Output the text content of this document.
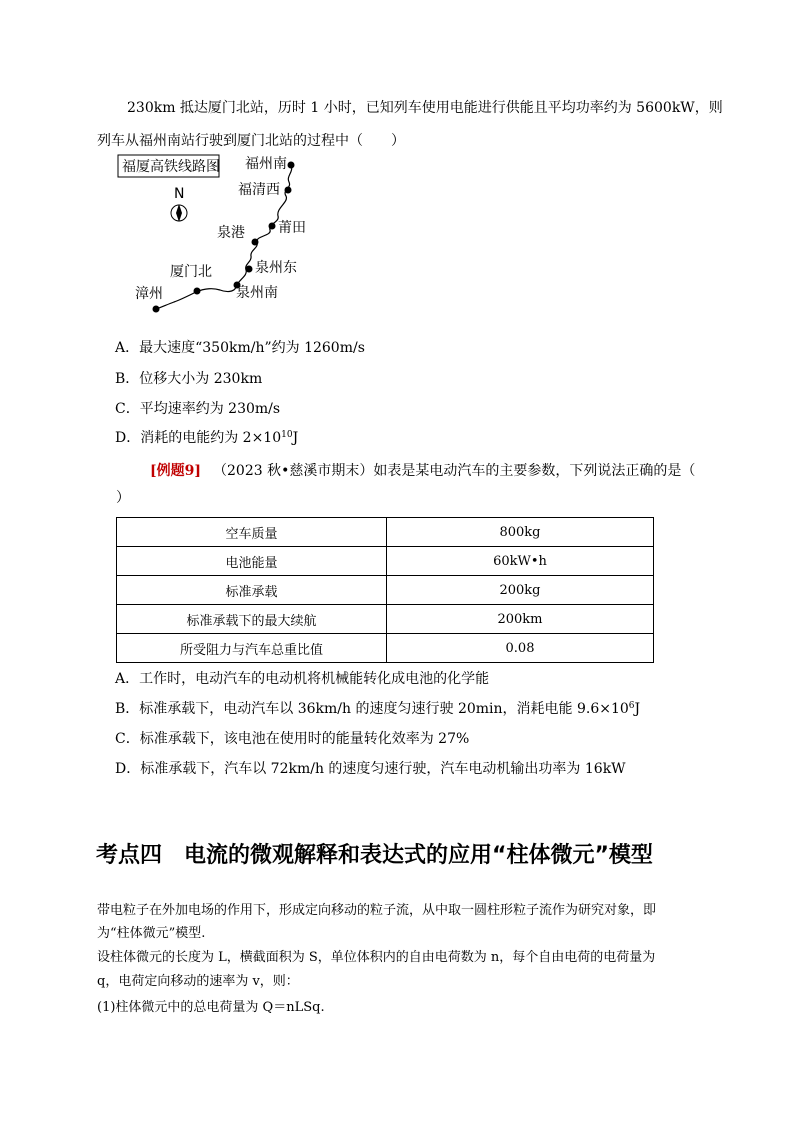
230km 抵达厦门北站，历时 1 小时，已知列车使用电能进行供能且平均功率约为 5600kW，则
列车从福州南站行驶到厦门北站的过程中（　　）
福厦高铁线路图
N
福州南
福清西
莆田
泉港
泉州东
厦门北
泉州南
漳州
A．最大速度“350km/h”约为 1260m/s
B．位移大小为 230km
C．平均速率约为 230m/s
D．消耗的电能约为 $2\times 10^{10}J$
[例题9] （2023 秋•慈溪市期末）如表是某电动汽车的主要参数，下列说法正确的是（
）
空车质量	800kg
电池能量	60kW•h
标准承载	200kg
标准承载下的最大续航	200km
所受阻力与汽车总重比值	0.08
A．工作时，电动汽车的电动机将机械能转化成电池的化学能
B．标准承载下，电动汽车以 36km/h 的速度匀速行驶 20min，消耗电能 $9.6\times 10^6J$
C．标准承载下，该电池在使用时的能量转化效率为 27%
D．标准承载下，汽车以 72km/h 的速度匀速行驶，汽车电动机输出功率为 16kW
考点四　电流的微观解释和表达式的应用“柱体微元”模型
带电粒子在外加电场的作用下，形成定向移动的粒子流，从中取一圆柱形粒子流作为研究对象，即
为“柱体微元”模型.
设柱体微元的长度为 L，横截面积为 S，单位体积内的自由电荷数为 n，每个自由电荷的电荷量为
q，电荷定向移动的速率为 v，则：
(1)柱体微元中的总电荷量为 Q＝nLSq.
